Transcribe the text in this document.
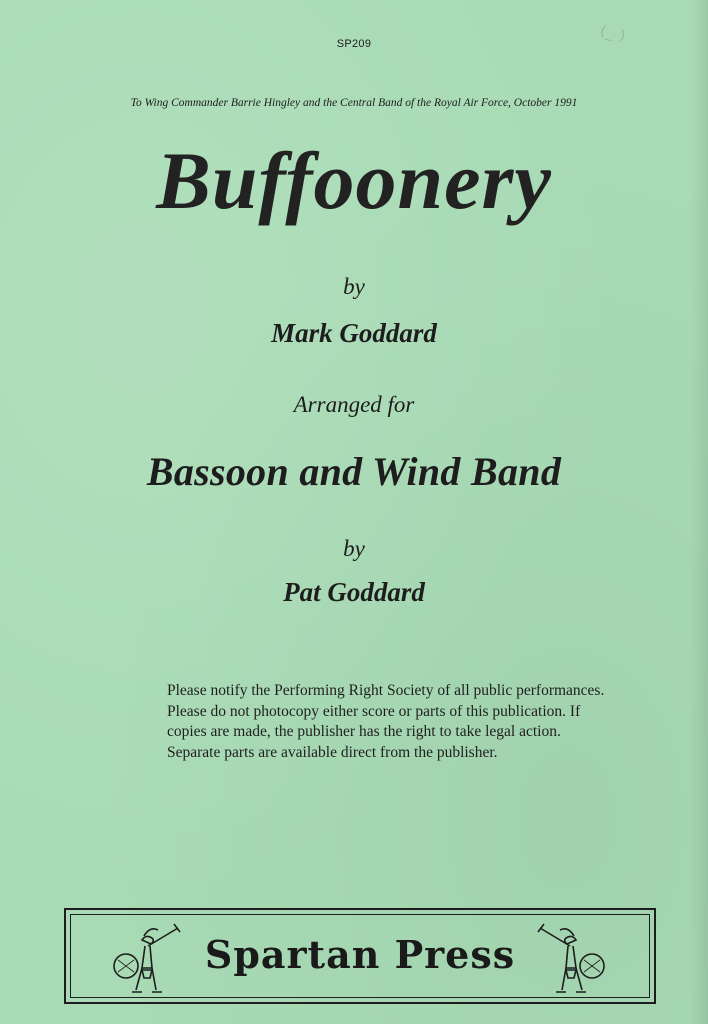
SP209	(_ )
To Wing Commander Barrie Hingley and the Central Band of the Royal Air Force, October 1991
Buffoonery
by
Mark Goddard
Arranged for
Bassoon and Wind Band
by
Pat Goddard
Please notify the Performing Right Society of all public performances. Please do not photocopy either score or parts of this publication. If copies are made, the publisher has the right to take legal action. Separate parts are available direct from the publisher.
Spartan Press
